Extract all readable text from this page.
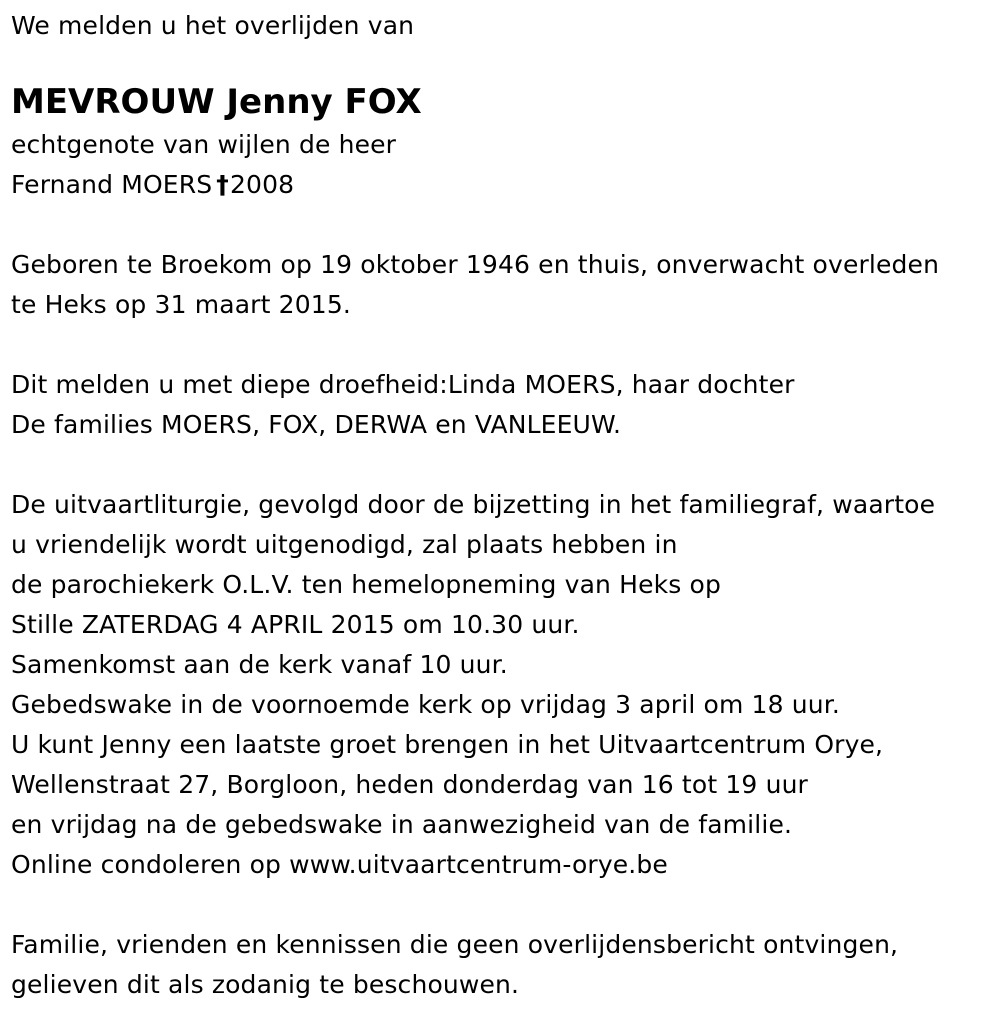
We melden u het overlijden van
MEVROUW Jenny FOX
echtgenote van wijlen de heer
Fernand MOERS †2008
Geboren te Broekom op 19 oktober 1946 en thuis, onverwacht overleden
te Heks op 31 maart 2015.
Dit melden u met diepe droefheid:Linda MOERS, haar dochter
De families MOERS, FOX, DERWA en VANLEEUW.
De uitvaartliturgie, gevolgd door de bijzetting in het familiegraf, waartoe
u vriendelijk wordt uitgenodigd, zal plaats hebben in
de parochiekerk O.L.V. ten hemelopneming van Heks op
Stille ZATERDAG 4 APRIL 2015 om 10.30 uur.
Samenkomst aan de kerk vanaf 10 uur.
Gebedswake in de voornoemde kerk op vrijdag 3 april om 18 uur.
U kunt Jenny een laatste groet brengen in het Uitvaartcentrum Orye,
Wellenstraat 27, Borgloon, heden donderdag van 16 tot 19 uur
en vrijdag na de gebedswake in aanwezigheid van de familie.
Online condoleren op www.uitvaartcentrum-orye.be
Familie, vrienden en kennissen die geen overlijdensbericht ontvingen,
gelieven dit als zodanig te beschouwen.
